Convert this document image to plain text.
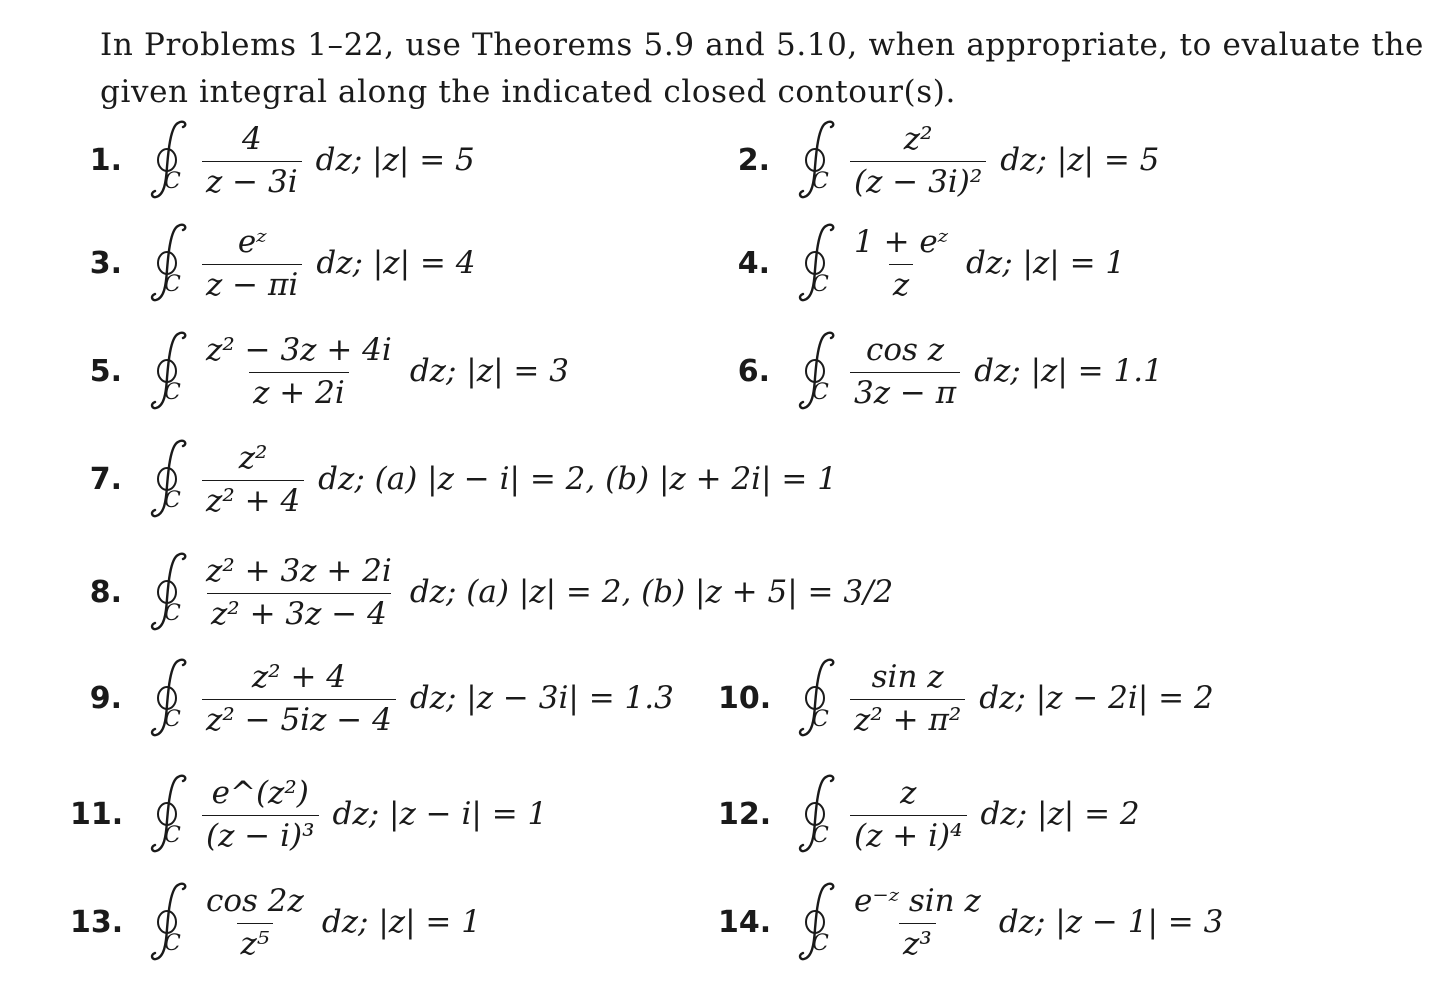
In Problems 1–22, use Theorems 5.9 and 5.10, when appropriate, to evaluate the given integral along the indicated closed contour(s).
1.
C $\frac{4}{z - 3i}$ dz; |z| = 5	2.
C $\frac{\text{z²}}{\text{(z − 3i)²}}$ dz; |z| = 5
3.
C $\frac{\text{eᶻ}}{z - \pi i}$ dz; |z| = 4	4.
C $\frac{\text{1 + eᶻ}}{z}$ dz; |z| = 1
5.
C $\frac{\text{z² − 3z + 4i}}{z + 2i}$ dz; |z| = 3	6.
C $\frac{\text{cos z}}{3z - \pi}$ dz; |z| = 1.1
7.
C $\frac{\text{z²}}{\text{z² + 4}}$ dz; (a) |z − i| = 2, (b) |z + 2i| = 1
8.
C $\frac{\text{z² + 3z + 2i}}{\text{z² + 3z − 4}}$ dz; (a) |z| = 2, (b) |z + 5| = 3/2
9.
C $\frac{\text{z² + 4}}{\text{z² − 5iz − 4}}$ dz; |z − 3i| = 1.3 10.
C $\frac{\text{sin z}}{\text{z² + π²}}$ dz; |z − 2i| = 2
11.
C $\frac{\text{e\textasciicircum{}(z²)}}{\text{(z − i)³}}$ dz; |z − i| = 1	12.
C $\frac{z}{\text{(z + i)⁴}}$ dz; |z| = 2
13.
C $\frac{\cos 2z}{\text{z⁵}}$ dz; |z| = 1	14.
C $\frac{\text{e⁻ᶻ sin z}}{\text{z³}}$ dz; |z − 1| = 3
